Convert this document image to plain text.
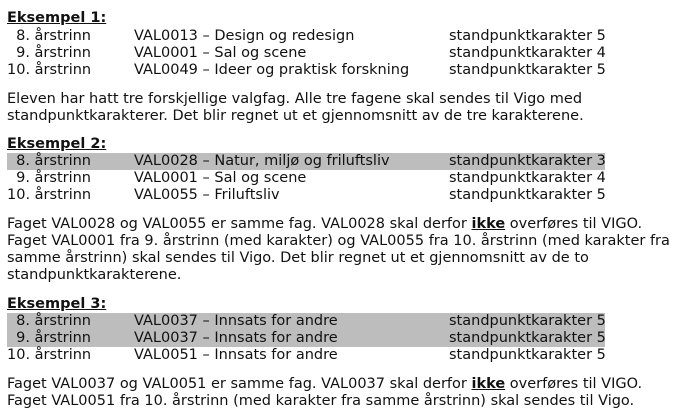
Eksempel 1:
8. årstrinn	VAL0013 – Design og redesign	standpunktkarakter 5
9. årstrinn	VAL0001 – Sal og scene	standpunktkarakter 4
10. årstrinn	VAL0049 – Ideer og praktisk forskning	standpunktkarakter 5
Eleven har hatt tre forskjellige valgfag. Alle tre fagene skal sendes til Vigo med
standpunktkarakterer. Det blir regnet ut et gjennomsnitt av de tre karakterene.
Eksempel 2:
8. årstrinn	VAL0028 – Natur, miljø og friluftsliv	standpunktkarakter 3
9. årstrinn	VAL0001 – Sal og scene	standpunktkarakter 4
10. årstrinn	VAL0055 – Friluftsliv	standpunktkarakter 5
Faget VAL0028 og VAL0055 er samme fag. VAL0028 skal derfor ikke overføres til VIGO.
Faget VAL0001 fra 9. årstrinn (med karakter) og VAL0055 fra 10. årstrinn (med karakter fra
samme årstrinn) skal sendes til Vigo. Det blir regnet ut et gjennomsnitt av de to
standpunktkarakterene.
Eksempel 3:
8. årstrinn	VAL0037 – Innsats for andre	standpunktkarakter 5
9. årstrinn	VAL0037 – Innsats for andre	standpunktkarakter 5
10. årstrinn	VAL0051 – Innsats for andre	standpunktkarakter 5
Faget VAL0037 og VAL0051 er samme fag. VAL0037 skal derfor ikke overføres til VIGO.
Faget VAL0051 fra 10. årstrinn (med karakter fra samme årstrinn) skal sendes til Vigo.
